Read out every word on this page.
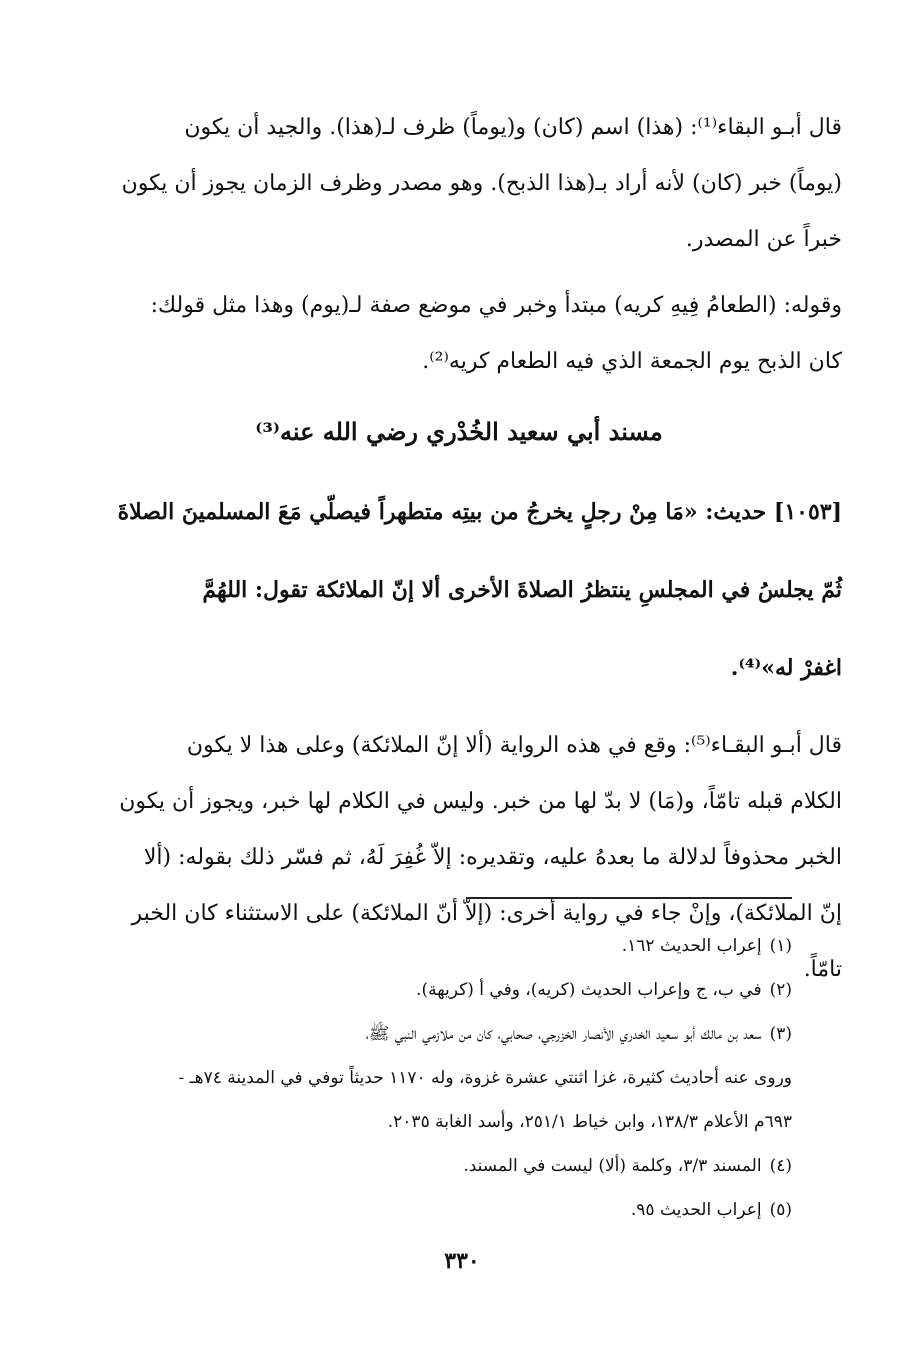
قال أبـو البقاء⁽¹⁾: (هذا) اسم (كان) و(يوماً) ظرف لـ(هذا). والجيد أن يكون

(يوماً) خبر (كان) لأنه أراد بـ(هذا الذبح). وهو مصدر وظرف الزمان يجوز أن يكون

خبراً عن المصدر.

وقوله: (الطعامُ فِيهِ كريه) مبتدأ وخبر في موضع صفة لـ(يوم) وهذا مثل قولك:

كان الذبح يوم الجمعة الذي فيه الطعام كريه⁽²⁾.

مسند أبي سعيد الخُدْري رضي الله عنه⁽³⁾

[١٠٥٣] حديث: «مَا مِنْ رجلٍ يخرجُ من بيتِه متطهراً فيصلّي مَعَ المسلمينَ الصلاةَ

ثُمّ يجلسُ في المجلسِ ينتظرُ الصلاةَ الأخرى ألا إنّ الملائكة تقول: اللهُمَّ

اغفرْ له»⁽⁴⁾.

قال أبـو البقـاء⁽⁵⁾: وقع في هذه الرواية (ألا إنّ الملائكة) وعلى هذا لا يكون

الكلام قبله تامّاً، و(مَا) لا بدّ لها من خبر. وليس في الكلام لها خبر، ويجوز أن يكون

الخبر محذوفاً لدلالة ما بعدهُ عليه، وتقديره: إلاّ غُفِرَ لَهُ، ثم فسّر ذلك بقوله: (ألا

إنّ الملائكة)، وإنْ جاء في رواية أخرى: (إلاّ أنّ الملائكة) على الاستثناء كان الخبر

تامّاً.

(١)إعراب الحديث ١٦٢.

(٢)في ب، ج وإعراب الحديث (كريه)، وفي أ (كريهة).

(٣)سعد بن مالك أبو سعيد الخدري الأنصار الخزرجي، صحابي، كان من ملازمي النبي ﷺ،

وروى عنه أحاديث كثيرة، غزا اثنتي عشرة غزوة، وله ١١٧٠ حديثاً توفي في المدينة ٧٤هـ -

٦٩٣م الأعلام ١٣٨/٣، وابن خياط ٢٥١/١، وأسد الغابة ٢٠٣٥.

(٤)المسند ٣/٣، وكلمة (ألا) ليست في المسند.

(٥)إعراب الحديث ٩٥.

٣٣٠
